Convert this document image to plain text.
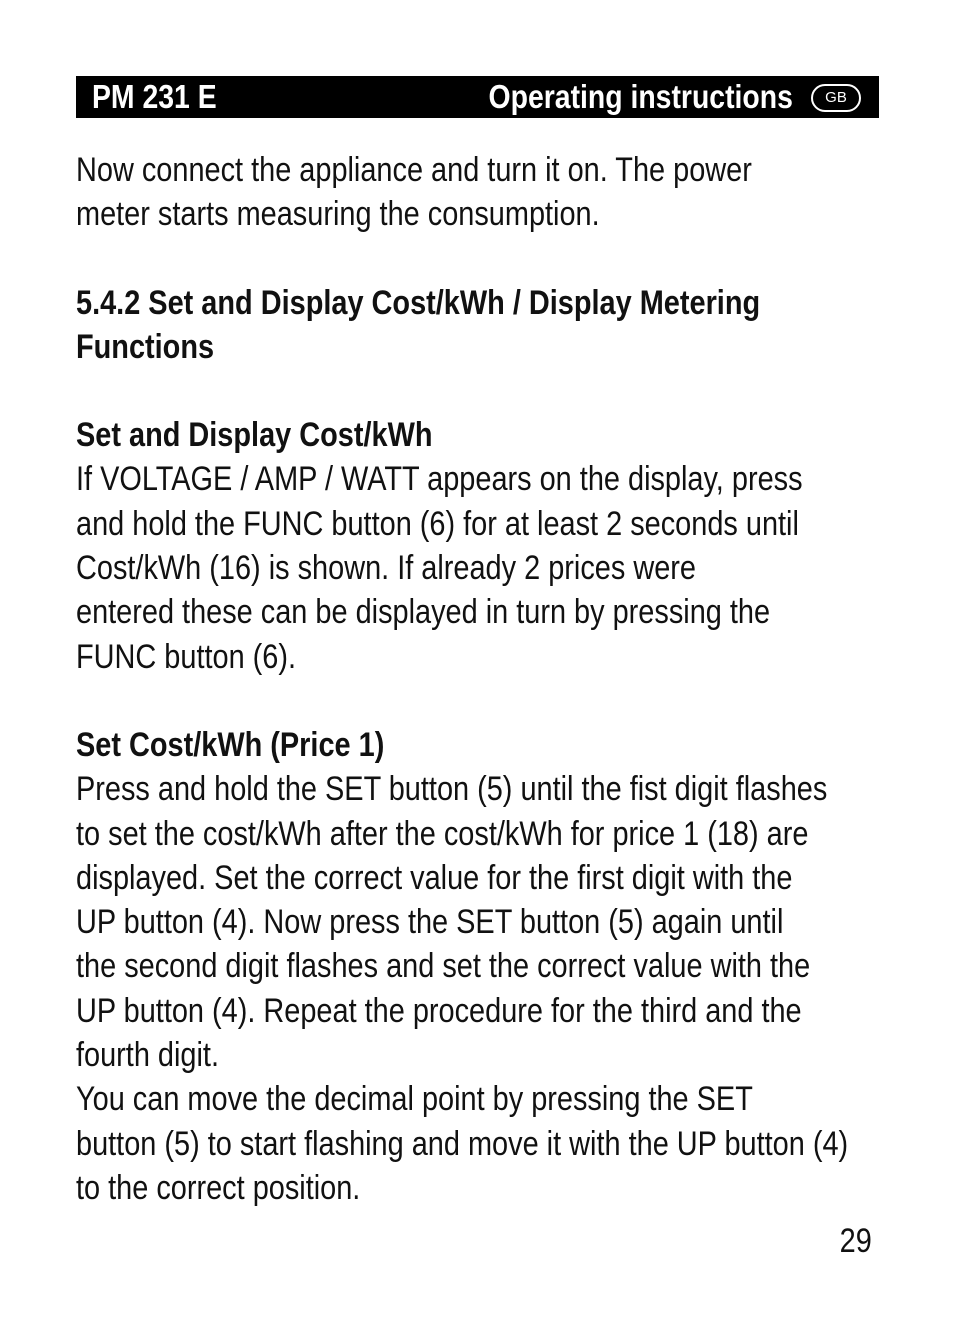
PM 231 E	Operating instructions	GB

Now connect the appliance and turn it on. The power
meter starts measuring the consumption.

5.4.2 Set and Display Cost/kWh / Display Metering
Functions

Set and Display Cost/kWh

If VOLTAGE / AMP / WATT appears on the display, press
and hold the FUNC button (6) for at least 2 seconds until
Cost/kWh (16) is shown. If already 2 prices were
entered these can be displayed in turn by pressing the
FUNC button (6).

Set Cost/kWh (Price 1)

Press and hold the SET button (5) until the fist digit flashes
to set the cost/kWh after the cost/kWh for price 1 (18) are
displayed. Set the correct value for the first digit with the
UP button (4). Now press the SET button (5) again until
the second digit flashes and set the correct value with the
UP button (4). Repeat the procedure for the third and the
fourth digit.

You can move the decimal point by pressing the SET
button (5) to start flashing and move it with the UP button (4)
to the correct position.

29
